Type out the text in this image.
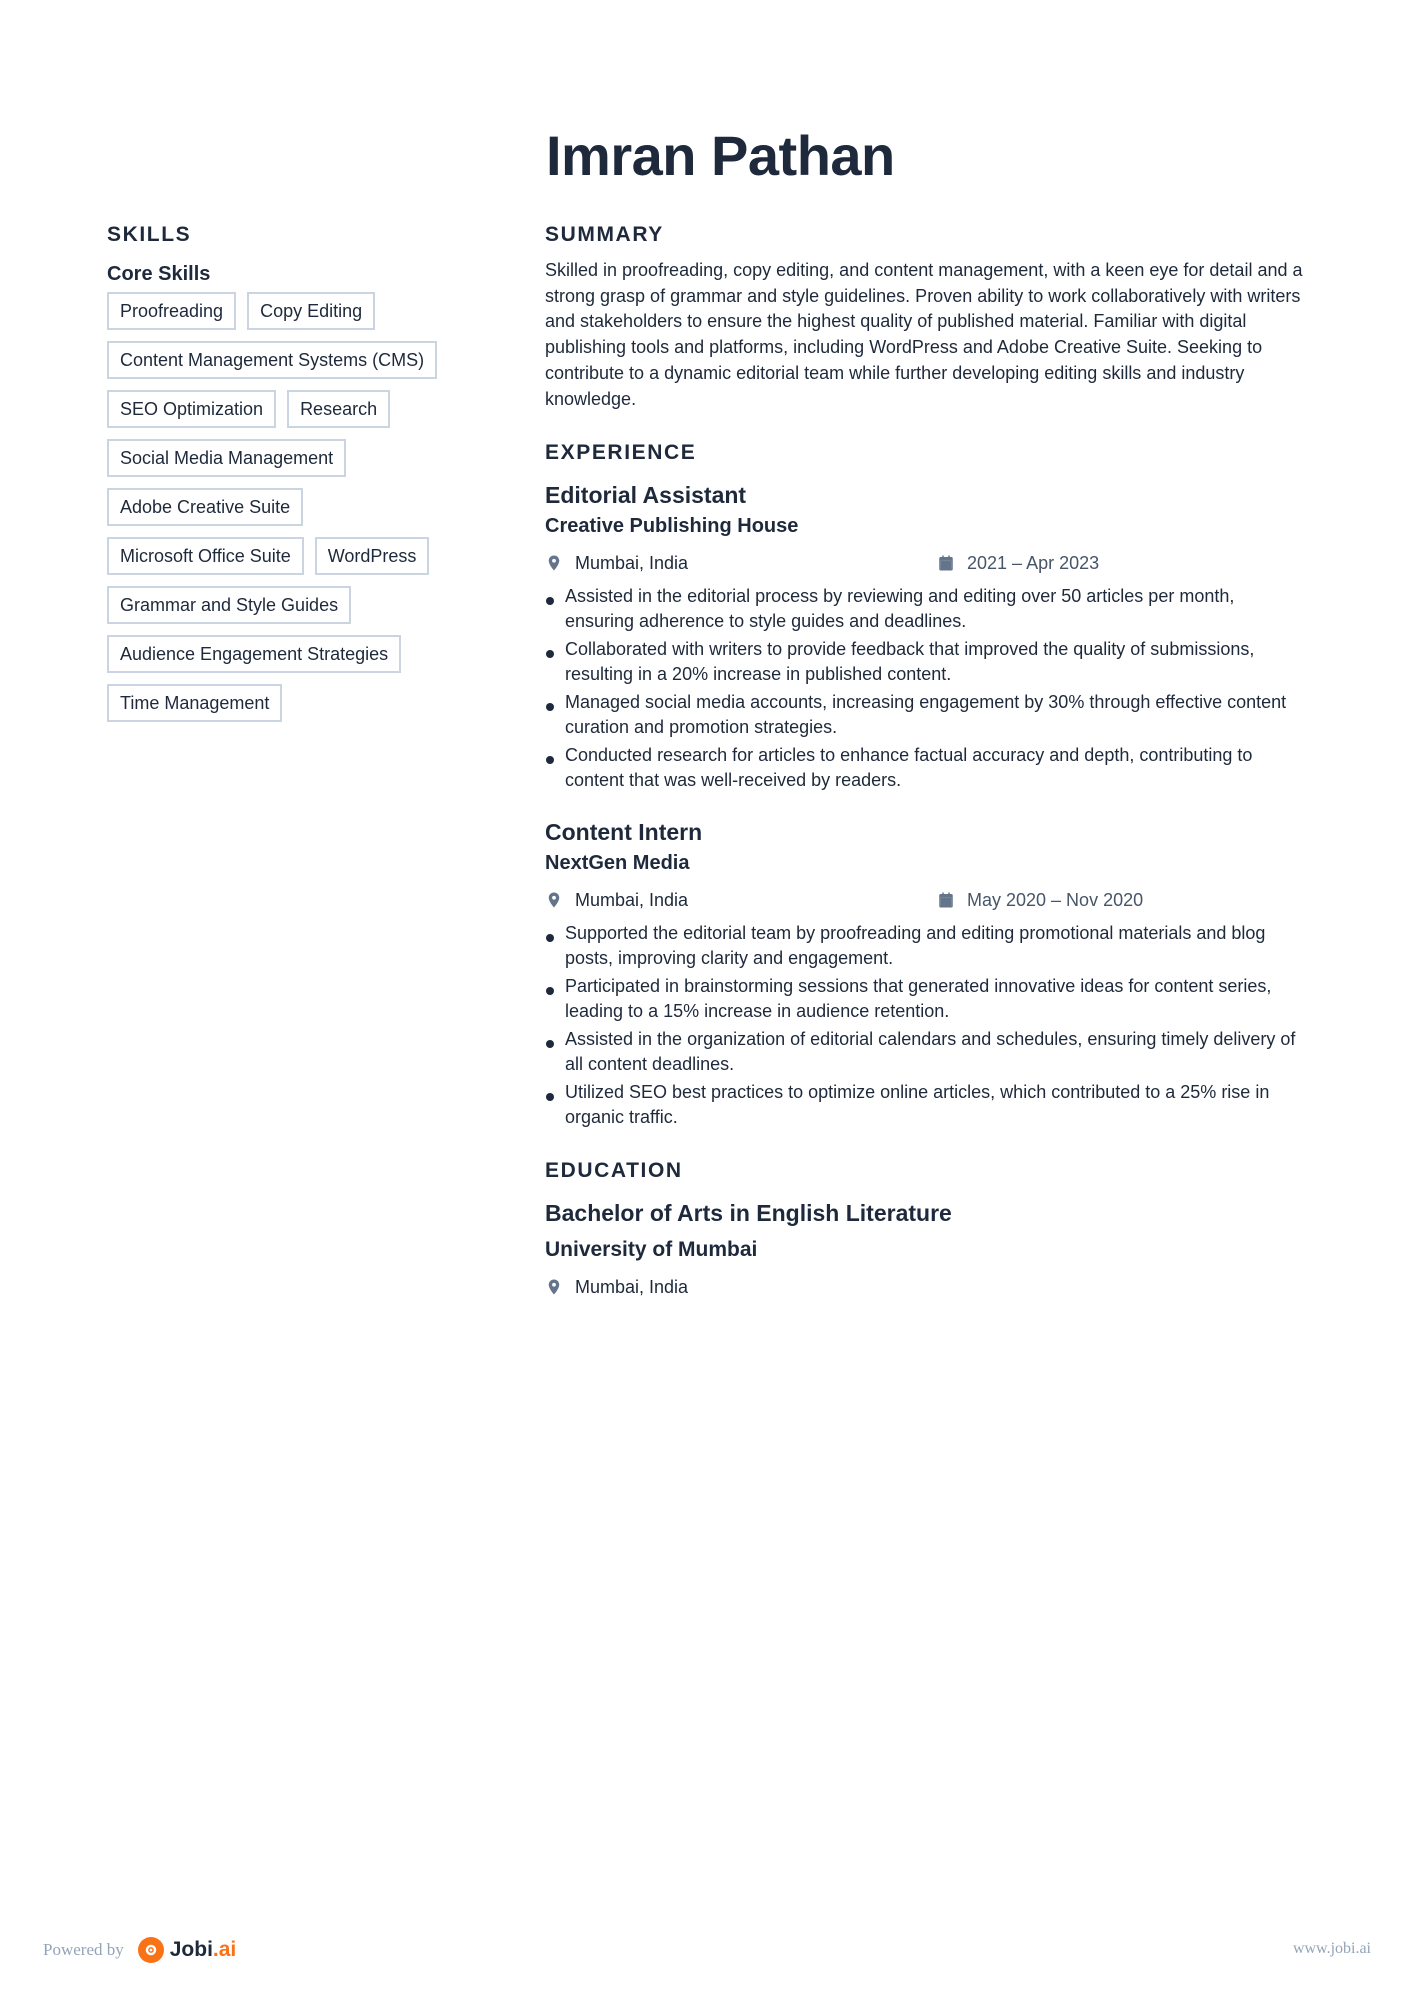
Imran Pathan
SKILLS
Core Skills
Proofreading	Copy Editing
Content Management Systems (CMS)
SEO Optimization	Research
Social Media Management
Adobe Creative Suite
Microsoft Office Suite	WordPress
Grammar and Style Guides
Audience Engagement Strategies
Time Management
SUMMARY

Skilled in proofreading, copy editing, and content management, with a keen eye for detail and a strong grasp of grammar and style guidelines. Proven ability to work collaboratively with writers and stakeholders to ensure the highest quality of published material. Familiar with digital publishing tools and platforms, including WordPress and Adobe Creative Suite. Seeking to contribute to a dynamic editorial team while further developing editing skills and industry knowledge.

EXPERIENCE
Editorial Assistant
Creative Publishing House
Mumbai, India	2021 – Apr 2023
Assisted in the editorial process by reviewing and editing over 50 articles per month, ensuring adherence to style guides and deadlines.
Collaborated with writers to provide feedback that improved the quality of submissions, resulting in a 20% increase in published content.
Managed social media accounts, increasing engagement by 30% through effective content curation and promotion strategies.
Conducted research for articles to enhance factual accuracy and depth, contributing to content that was well-received by readers.
Content Intern
NextGen Media
Mumbai, India	May 2020 – Nov 2020
Supported the editorial team by proofreading and editing promotional materials and blog posts, improving clarity and engagement.
Participated in brainstorming sessions that generated innovative ideas for content series, leading to a 15% increase in audience retention.
Assisted in the organization of editorial calendars and schedules, ensuring timely delivery of all content deadlines.
Utilized SEO best practices to optimize online articles, which contributed to a 25% rise in organic traffic.
EDUCATION
Bachelor of Arts in English Literature
University of Mumbai
Mumbai, India
Powered by Jobi.ai	www.jobi.ai
